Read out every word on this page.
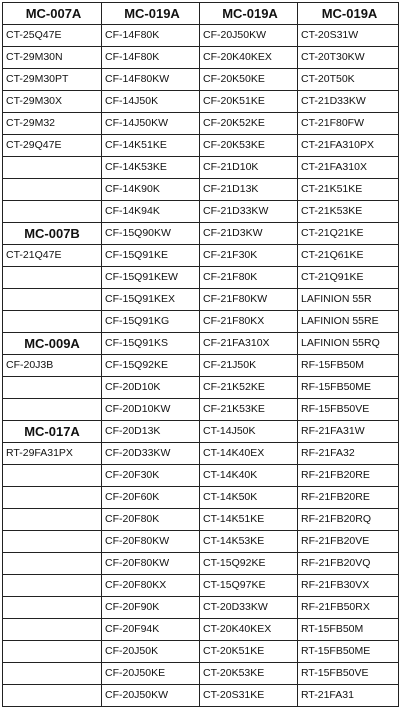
MC-007A	MC-019A	MC-019A	MC-019A
CT-25Q47E	CF-14F80K	CF-20J50KW	CT-20S31W
CT-29M30N	CF-14F80K	CF-20K40KEX	CT-20T30KW
CT-29M30PT	CF-14F80KW	CF-20K50KE	CT-20T50K
CT-29M30X	CF-14J50K	CF-20K51KE	CT-21D33KW
CT-29M32	CF-14J50KW	CF-20K52KE	CT-21F80FW
CT-29Q47E	CF-14K51KE	CF-20K53KE	CT-21FA310PX
	CF-14K53KE	CF-21D10K	CT-21FA310X
	CF-14K90K	CF-21D13K	CT-21K51KE
	CF-14K94K	CF-21D33KW	CT-21K53KE
MC-007B	CF-15Q90KW	CF-21D3KW	CT-21Q21KE
CT-21Q47E	CF-15Q91KE	CF-21F30K	CT-21Q61KE
	CF-15Q91KEW	CF-21F80K	CT-21Q91KE
	CF-15Q91KEX	CF-21F80KW	LAFINION 55R
	CF-15Q91KG	CF-21F80KX	LAFINION 55RE
MC-009A	CF-15Q91KS	CF-21FA310X	LAFINION 55RQ
CF-20J3B	CF-15Q92KE	CF-21J50K	RF-15FB50M
	CF-20D10K	CF-21K52KE	RF-15FB50ME
	CF-20D10KW	CF-21K53KE	RF-15FB50VE
MC-017A	CF-20D13K	CT-14J50K	RF-21FA31W
RT-29FA31PX	CF-20D33KW	CT-14K40EX	RF-21FA32
	CF-20F30K	CT-14K40K	RF-21FB20RE
	CF-20F60K	CT-14K50K	RF-21FB20RE
	CF-20F80K	CT-14K51KE	RF-21FB20RQ
	CF-20F80KW	CT-14K53KE	RF-21FB20VE
	CF-20F80KW	CT-15Q92KE	RF-21FB20VQ
	CF-20F80KX	CT-15Q97KE	RF-21FB30VX
	CF-20F90K	CT-20D33KW	RF-21FB50RX
	CF-20F94K	CT-20K40KEX	RT-15FB50M
	CF-20J50K	CT-20K51KE	RT-15FB50ME
	CF-20J50KE	CT-20K53KE	RT-15FB50VE
	CF-20J50KW	CT-20S31KE	RT-21FA31
